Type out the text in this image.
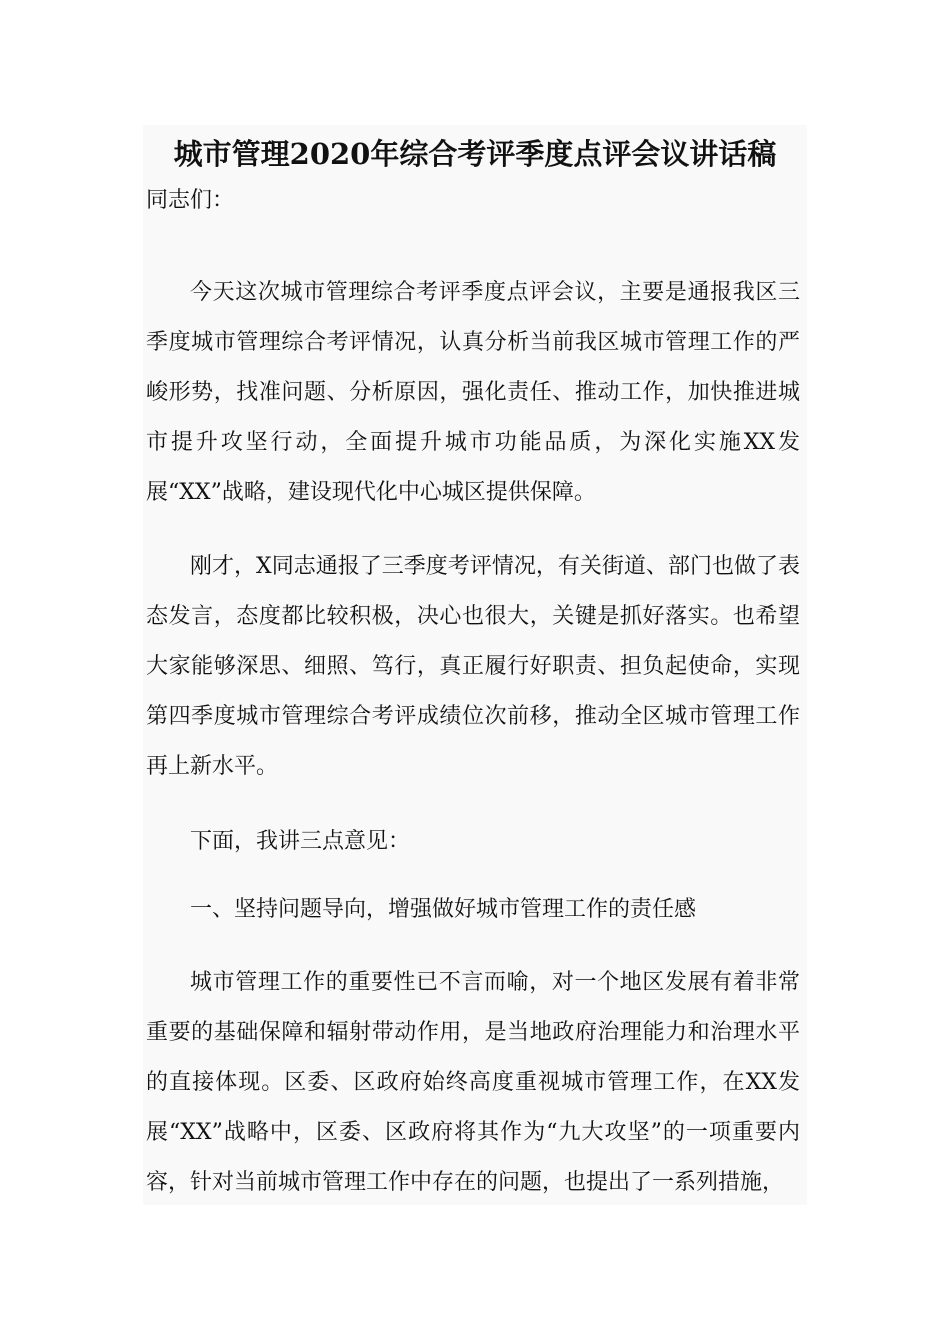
城市管理2020年综合考评季度点评会议讲话稿

同志们：

今天这次城市管理综合考评季度点评会议，主要是通报我区三季度城市管理综合考评情况，认真分析当前我区城市管理工作的严峻形势，找准问题、分析原因，强化责任、推动工作，加快推进城市提升攻坚行动，全面提升城市功能品质，为深化实施XX发展“XX”战略，建设现代化中心城区提供保障。

刚才，X同志通报了三季度考评情况，有关街道、部门也做了表态发言，态度都比较积极，决心也很大，关键是抓好落实。也希望大家能够深思、细照、笃行，真正履行好职责、担负起使命，实现第四季度城市管理综合考评成绩位次前移，推动全区城市管理工作再上新水平。

下面，我讲三点意见：

一、坚持问题导向，增强做好城市管理工作的责任感

城市管理工作的重要性已不言而喻，对一个地区发展有着非常重要的基础保障和辐射带动作用，是当地政府治理能力和治理水平的直接体现。区委、区政府始终高度重视城市管理工作，在XX发展“XX”战略中，区委、区政府将其作为“九大攻坚”的一项重要内容，针对当前城市管理工作中存在的问题，也提出了一系列措施，
